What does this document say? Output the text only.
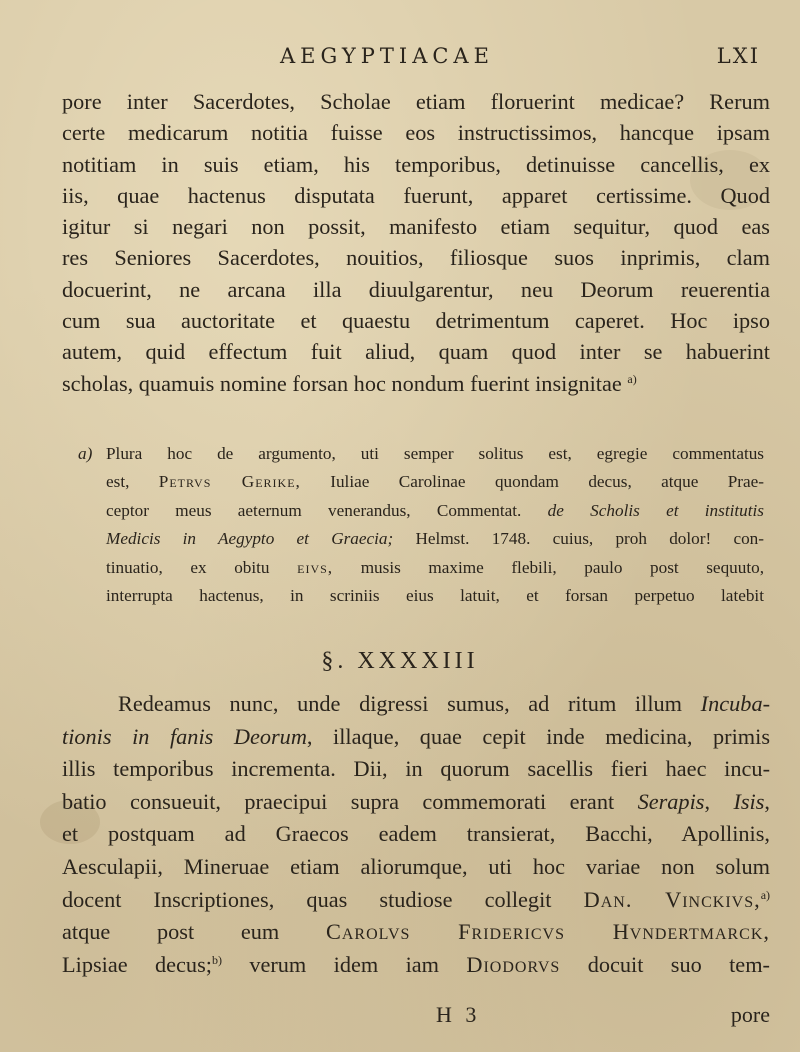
AEGYPTIACAE	LXI
pore inter Sacerdotes, Scholae etiam floruerint medicae? Rerum
certe medicarum notitia fuisse eos instructissimos, hancque ipsam
notitiam in suis etiam, his temporibus, detinuisse cancellis, ex
iis, quae hactenus disputata fuerunt, apparet certissime. Quod
igitur si negari non possit, manifesto etiam sequitur, quod eas
res Seniores Sacerdotes, nouitios, filiosque suos inprimis, clam
docuerint, ne arcana illa diuulgarentur, neu Deorum reuerentia
cum sua auctoritate et quaestu detrimentum caperet. Hoc ipso
autem, quid effectum fuit aliud, quam quod inter se habuerint
scholas, quamuis nomine forsan hoc nondum fuerint insignitae $^{a)}$
a) Plura hoc de argumento, uti semper solitus est, egregie commentatus
est, Petrvs Gerike, Iuliae Carolinae quondam decus, atque Prae-
ceptor meus aeternum venerandus, Commentat. de Scholis et institutis
Medicis in Aegypto et Graecia; Helmst. 1748. cuius, proh dolor! con-
tinuatio, ex obitu eivs, musis maxime flebili, paulo post sequuto,
interrupta hactenus, in scriniis eius latuit, et forsan perpetuo latebit
§. XXXXIII
Redeamus nunc, unde digressi sumus, ad ritum illum Incuba-
tionis in fanis Deorum, illaque, quae cepit inde medicina, primis
illis temporibus incrementa. Dii, in quorum sacellis fieri haec incu-
batio consueuit, praecipui supra commemorati erant Serapis, Isis,
et postquam ad Graecos eadem transierat, Bacchi, Apollinis,
Aesculapii, Mineruae etiam aliorumque, uti hoc variae non solum
docent Inscriptiones, quas studiose collegit Dan. Vinckivs,$^{a)}$
atque post eum Carolvs Fridericvs Hvndertmarck,
Lipsiae decus;$^{b)}$ verum idem iam Diodorvs docuit suo tem-
H 3	pore
